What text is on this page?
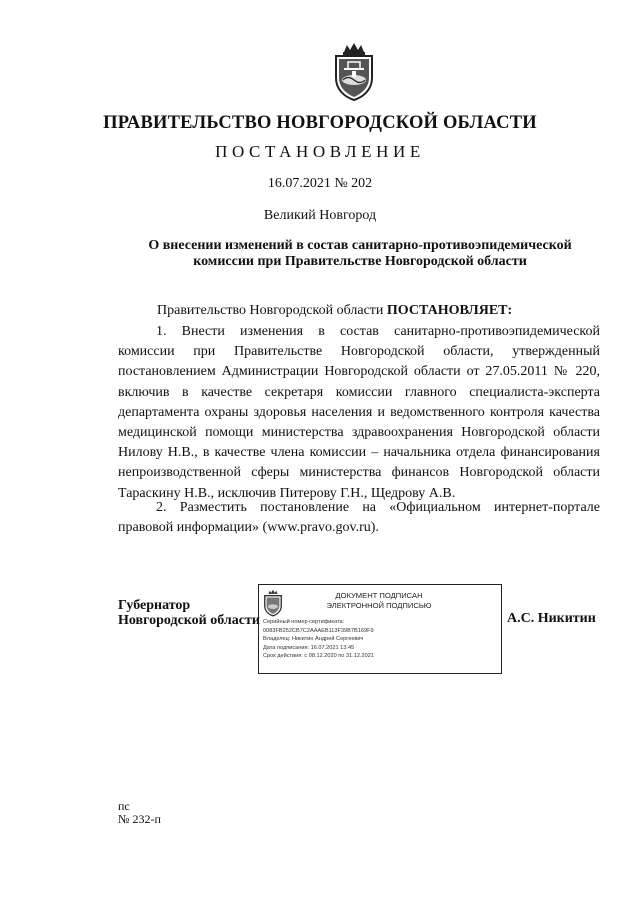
ПРАВИТЕЛЬСТВО НОВГОРОДСКОЙ ОБЛАСТИ
ПОСТАНОВЛЕНИЕ
16.07.2021 № 202
Великий Новгород
О внесении изменений в состав санитарно-противоэпидемической
комиссии при Правительстве Новгородской области
Правительство Новгородской области ПОСТАНОВЛЯЕТ:
1. Внести изменения в состав санитарно-противоэпидемической комиссии при Правительстве Новгородской области, утвержденный постановлением Администрации Новгородской области от 27.05.2011 № 220, включив в качестве секретаря комиссии главного специалиста-эксперта департамента охраны здоровья населения и ведомственного контроля качества медицинской помощи министерства здравоохранения Новгородской области Нилову Н.В., в качестве члена комиссии – начальника отдела финансирования непроизводственной сферы министерства финансов Новгородской области Тараскину Н.В., исключив Питерову Г.Н., Щедрову А.В.
2. Разместить постановление на «Официальном интернет-портале правовой информации» (www.pravo.gov.ru).
Губернатор
Новгородской области
ДОКУМЕНТ ПОДПИСАН
ЭЛЕКТРОННОЙ ПОДПИСЬЮ
Серийный номер сертификата:
0083FB252CB7C2AAAEB113F39B7B169F9
Владелец: Никитин Андрей Сергеевич
Дата подписания: 16.07.2021 13:45
Срок действия: с 08.12.2020 по 31.12.2021
А.С. Никитин
пс
№ 232-п
